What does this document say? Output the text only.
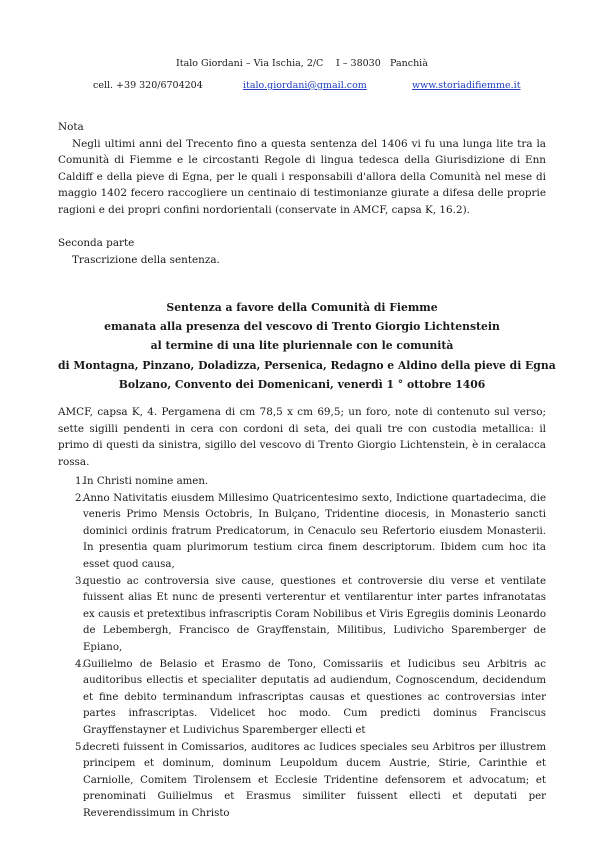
Italo Giordani – Via Ischia, 2/C I – 38030 Panchià
cell. +39 320/6704204	italo.giordani@gmail.com	www.storiadifiemme.it
Nota
Negli ultimi anni del Trecento fino a questa sentenza del 1406 vi fu una lunga lite tra la Comunità di Fiemme e le circostanti Regole di lingua tedesca della Giurisdizione di Enn Caldiff e della pieve di Egna, per le quali i responsabili d'allora della Comunità nel mese di maggio 1402 fecero raccogliere un centinaio di testimonianze giurate a difesa delle proprie ragioni e dei propri confini nordorientali (conservate in AMCF, capsa K, 16.2).
Seconda parte
Trascrizione della sentenza.
Sentenza a favore della Comunità di Fiemme
emanata alla presenza del vescovo di Trento Giorgio Lichtenstein
al termine di una lite pluriennale con le comunità
di Montagna, Pinzano, Doladizza, Persenica, Redagno e Aldino della pieve di Egna
Bolzano, Convento dei Domenicani, venerdì 1 ° ottobre 1406
AMCF, capsa K, 4. Pergamena di cm 78,5 x cm 69,5; un foro, note di contenuto sul verso; sette sigilli pendenti in cera con cordoni di seta, dei quali tre con custodia metallica: il primo di questi da sinistra, sigillo del vescovo di Trento Giorgio Lichtenstein, è in ceralacca rossa.
1.
In Christi nomine amen.
2.
Anno Nativitatis eiusdem Millesimo Quatricentesimo sexto, Indictione quartadecima, die veneris Primo Mensis Octobris, In Bulçano, Tridentine diocesis, in Monasterio sancti dominici ordinis fratrum Predicatorum, in Cenaculo seu Refertorio eiusdem Monasterii. In presentia quam plurimorum testium circa finem descriptorum. Ibidem cum hoc ita esset quod causa,
3.
questio ac controversia sive cause, questiones et controversie diu verse et ventilate fuissent alias Et nunc de presenti verterentur et ventilarentur inter partes infranotatas ex causis et pretextibus infrascriptis Coram Nobilibus et Viris Egregiis dominis Leonardo de Lebembergh, Francisco de Grayffenstain, Militibus, Ludivicho Sparemberger de Epiano,
4.
Guilielmo de Belasio et Erasmo de Tono, Comissariis et Iudicibus seu Arbitris ac auditoribus ellectis et specialiter deputatis ad audiendum, Cognoscendum, decidendum et fine debito terminandum infrascriptas causas et questiones ac controversias inter partes infrascriptas. Videlicet hoc modo. Cum predicti dominus Franciscus Grayffenstayner et Ludivichus Sparemberger ellecti et
5.
decreti fuissent in Comissarios, auditores ac Iudices speciales seu Arbitros per illustrem principem et dominum, dominum Leupoldum ducem Austrie, Stirie, Carinthie et Carniolle, Comitem Tirolensem et Ecclesie Tridentine defensorem et advocatum; et prenominati Guilielmus et Erasmus similiter fuissent ellecti et deputati per Reverendissimum in Christo
